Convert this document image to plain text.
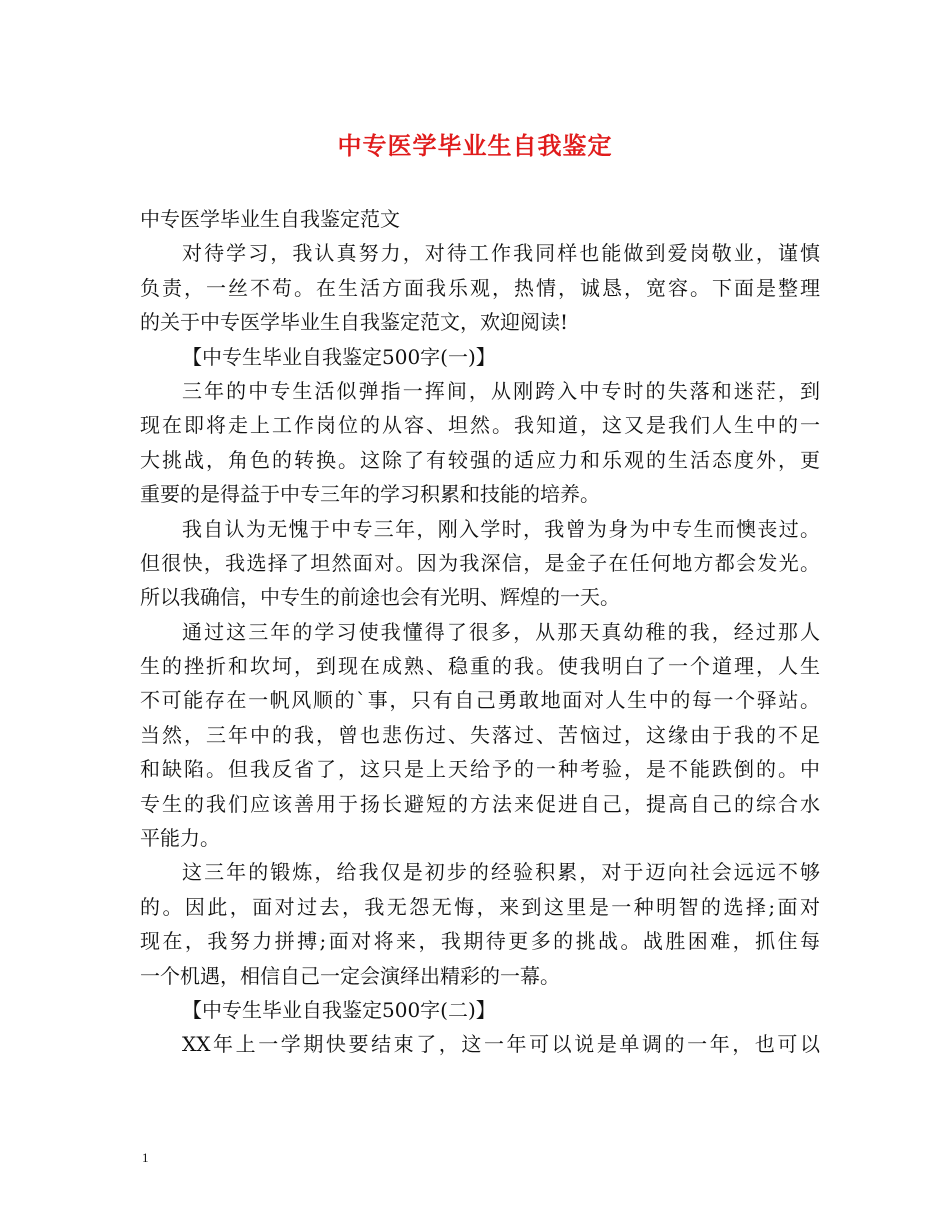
中专医学毕业生自我鉴定
中专医学毕业生自我鉴定范文
对待学习，我认真努力，对待工作我同样也能做到爱岗敬业，谨慎
负责，一丝不苟。在生活方面我乐观，热情，诚恳，宽容。下面是整理
的关于中专医学毕业生自我鉴定范文，欢迎阅读!
【中专生毕业自我鉴定500字(一)】
三年的中专生活似弹指一挥间，从刚跨入中专时的失落和迷茫，到
现在即将走上工作岗位的从容、坦然。我知道，这又是我们人生中的一
大挑战，角色的转换。这除了有较强的适应力和乐观的生活态度外，更
重要的是得益于中专三年的学习积累和技能的培养。
我自认为无愧于中专三年，刚入学时，我曾为身为中专生而懊丧过。
但很快，我选择了坦然面对。因为我深信，是金子在任何地方都会发光。
所以我确信，中专生的前途也会有光明、辉煌的一天。
通过这三年的学习使我懂得了很多，从那天真幼稚的我，经过那人
生的挫折和坎坷，到现在成熟、稳重的我。使我明白了一个道理，人生
不可能存在一帆风顺的`事，只有自己勇敢地面对人生中的每一个驿站。
当然，三年中的我，曾也悲伤过、失落过、苦恼过，这缘由于我的不足
和缺陷。但我反省了，这只是上天给予的一种考验，是不能跌倒的。中
专生的我们应该善用于扬长避短的方法来促进自己，提高自己的综合水
平能力。
这三年的锻炼，给我仅是初步的经验积累，对于迈向社会远远不够
的。因此，面对过去，我无怨无悔，来到这里是一种明智的选择;面对
现在，我努力拼搏;面对将来，我期待更多的挑战。战胜困难，抓住每
一个机遇，相信自己一定会演绎出精彩的一幕。
【中专生毕业自我鉴定500字(二)】
XX年上一学期快要结束了，这一年可以说是单调的一年，也可以
1
